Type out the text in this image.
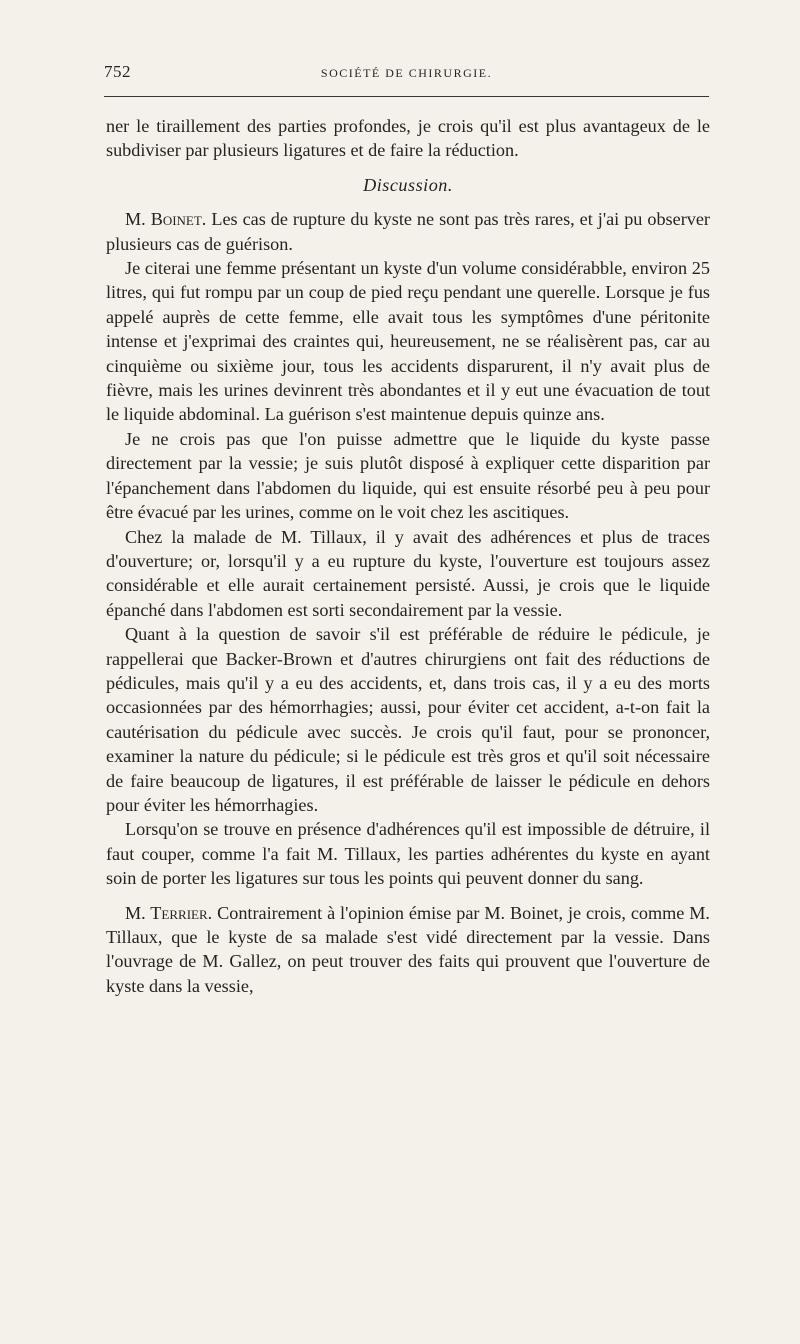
752	SOCIÉTÉ DE CHIRURGIE.

ner le tiraillement des parties profondes, je crois qu'il est plus avantageux de le subdiviser par plusieurs ligatures et de faire la réduction.

Discussion.

M. Boinet. Les cas de rupture du kyste ne sont pas très rares, et j'ai pu observer plusieurs cas de guérison.

Je citerai une femme présentant un kyste d'un volume considérabble, environ 25 litres, qui fut rompu par un coup de pied reçu pendant une querelle. Lorsque je fus appelé auprès de cette femme, elle avait tous les symptômes d'une péritonite intense et j'exprimai des craintes qui, heureusement, ne se réalisèrent pas, car au cinquième ou sixième jour, tous les accidents disparurent, il n'y avait plus de fièvre, mais les urines devinrent très abondantes et il y eut une évacuation de tout le liquide abdominal. La guérison s'est maintenue depuis quinze ans.

Je ne crois pas que l'on puisse admettre que le liquide du kyste passe directement par la vessie; je suis plutôt disposé à expliquer cette disparition par l'épanchement dans l'abdomen du liquide, qui est ensuite résorbé peu à peu pour être évacué par les urines, comme on le voit chez les ascitiques.

Chez la malade de M. Tillaux, il y avait des adhérences et plus de traces d'ouverture; or, lorsqu'il y a eu rupture du kyste, l'ouverture est toujours assez considérable et elle aurait certainement persisté. Aussi, je crois que le liquide épanché dans l'abdomen est sorti secondairement par la vessie.

Quant à la question de savoir s'il est préférable de réduire le pédicule, je rappellerai que Backer-Brown et d'autres chirurgiens ont fait des réductions de pédicules, mais qu'il y a eu des accidents, et, dans trois cas, il y a eu des morts occasionnées par des hémorrhagies; aussi, pour éviter cet accident, a-t-on fait la cautérisation du pédicule avec succès. Je crois qu'il faut, pour se prononcer, examiner la nature du pédicule; si le pédicule est très gros et qu'il soit nécessaire de faire beaucoup de ligatures, il est préférable de laisser le pédicule en dehors pour éviter les hémorrhagies.

Lorsqu'on se trouve en présence d'adhérences qu'il est impossible de détruire, il faut couper, comme l'a fait M. Tillaux, les parties adhérentes du kyste en ayant soin de porter les ligatures sur tous les points qui peuvent donner du sang.

M. Terrier. Contrairement à l'opinion émise par M. Boinet, je crois, comme M. Tillaux, que le kyste de sa malade s'est vidé directement par la vessie. Dans l'ouvrage de M. Gallez, on peut trouver des faits qui prouvent que l'ouverture de kyste dans la vessie,
